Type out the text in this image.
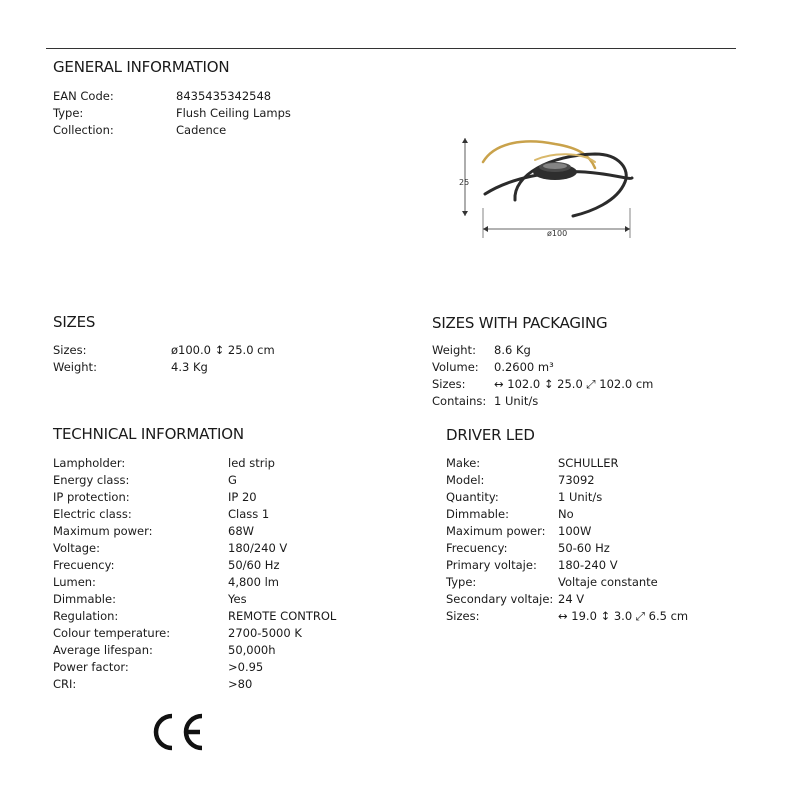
GENERAL INFORMATION
EAN Code:	8435435342548
Type:	Flush Ceiling Lamps
Collection:	Cadence
25
ø100
SIZES
Sizes:	ø100.0 ↕ 25.0 cm
Weight:	4.3 Kg
SIZES WITH PACKAGING
Weight: 8.6 Kg
Volume: 0.2600 m³
Sizes: ↔ 102.0 ↕ 25.0 ⤢ 102.0 cm
Contains: 1 Unit/s
TECHNICAL INFORMATION
Lampholder:	led strip
Energy class:	G
IP protection:	IP 20
Electric class:	Class 1
Maximum power:	68W
Voltage:	180/240 V
Frecuency:	50/60 Hz
Lumen:	4,800 lm
Dimmable:	Yes
Regulation:	REMOTE CONTROL
Colour temperature:	2700-5000 K
Average lifespan:	50,000h
Power factor:	>0.95
CRI:	>80
DRIVER LED
Make:	SCHULLER
Model:	73092
Quantity:	1 Unit/s
Dimmable:	No
Maximum power: 100W
Frecuency:	50-60 Hz
Primary voltaje: 180-240 V
Type:	Voltaje constante
Secondary voltaje: 24 V
Sizes:	↔ 19.0 ↕ 3.0 ⤢ 6.5 cm
